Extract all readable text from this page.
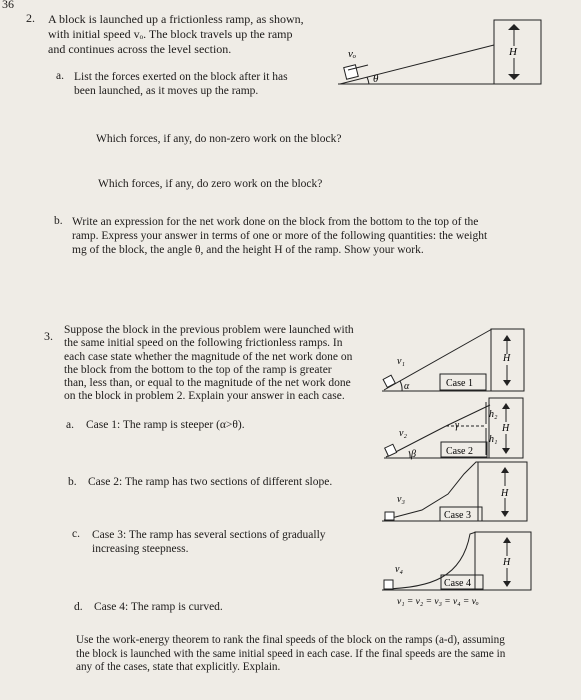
36
2. A block is launched up a frictionless ramp, as shown,
with initial speed vₒ. The block travels up the ramp
and continues across the level section.
a. List the forces exerted on the block after it has
been launched, as it moves up the ramp.
Which forces, if any, do non-zero work on the block?
Which forces, if any, do zero work on the block?
b. Write an expression for the net work done on the block from the bottom to the top of the
ramp. Express your answer in terms of one or more of the following quantities: the weight
mg of the block, the angle θ, and the height H of the ramp. Show your work.
vₒ
θ
H
3. Suppose the block in the previous problem were launched with
the same initial speed on the following frictionless ramps. In
each case state whether the magnitude of the net work done on
the block from the bottom to the top of the ramp is greater
than, less than, or equal to the magnitude of the net work done
on the block in problem 2. Explain your answer in each case.
a. Case 1: The ramp is steeper (α>θ).
b. Case 2: The ramp has two sections of different slope.
c. Case 3: The ramp has several sections of gradually
increasing steepness.
d. Case 4: The ramp is curved.
v₁
α	Case 1
H
v₂
β
γ
Case 2
h₂
h₁
H
v₃
Case 3
H
v₄
Case 4
H
v₁ = v₂ = v₃ = v₄ = vₒ
Use the work-energy theorem to rank the final speeds of the block on the ramps (a-d), assuming
the block is launched with the same initial speed in each case. If the final speeds are the same in
any of the cases, state that explicitly. Explain.
